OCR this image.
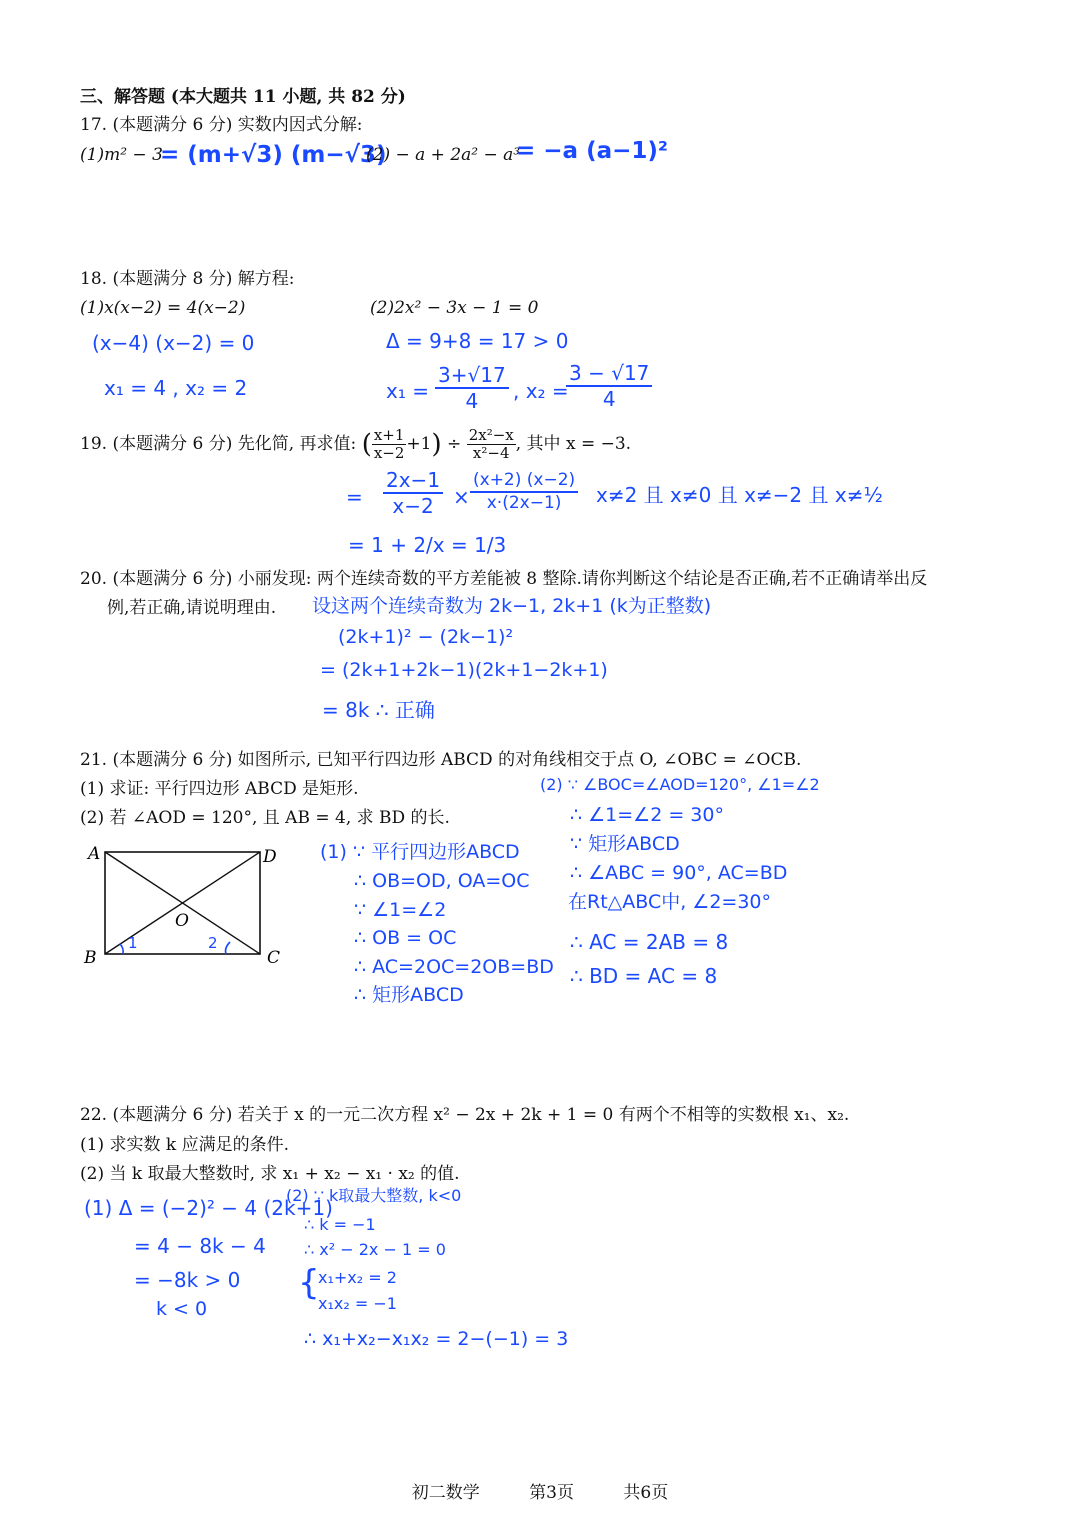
三、解答题 (本大题共 11 小题, 共 82 分)
17. (本题满分 6 分) 实数内因式分解:
(1)m² − 3
= (m+√3) (m−√3)
(2) − a + 2a² − a³
= −a (a−1)²
18. (本题满分 8 分) 解方程:
(1)x(x−2) = 4(x−2)	(2)2x² − 3x − 1 = 0
(x−4) (x−2) = 0
x₁ = 4 , x₂ = 2
Δ = 9+8 = 17 > 0
$x_1 = \frac{3+√17}{4}$ , x₂ =
$\frac{3 - √17}{4}$
19. (本题满分 6 分) 先化简, 再求值: ( $\frac{x+1}{x-2} +1) \div \frac{\text{2x²−x}}{\text{x²−4}}$ , 其中 x = −3.
= $\frac{2x-1}{x-2} \times \frac{(x+2) (x-2)}{x\cdot(2x-1)} x\ne 2$ 且 x≠0 且 x≠−2 且 x≠½
= 1 + 2/x = 1/3
20. (本题满分 6 分) 小丽发现: 两个连续奇数的平方差能被 8 整除.请你判断这个结论是否正确,若不正确请举出反
例,若正确,请说明理由. 设这两个连续奇数为 2k−1, 2k+1 (k为正整数)
(2k+1)² − (2k−1)²
= (2k+1+2k−1)(2k+1−2k+1)
= 8k ∴ 正确
21. (本题满分 6 分) 如图所示, 已知平行四边形 ABCD 的对角线相交于点 O, ∠OBC = ∠OCB.
(1) 求证: 平行四边形 ABCD 是矩形.
(2) 若 ∠AOD = 120°, 且 AB = 4, 求 BD 的长.
A	D
B	C
O
1	2
(1) ∵ 平行四边形ABCD
∴ OB=OD, OA=OC
∵ ∠1=∠2
∴ OB = OC
∴ AC=2OC=2OB=BD
∴ 矩形ABCD
(2) ∵ ∠BOC=∠AOD=120°, ∠1=∠2
∴ ∠1=∠2 = 30°
∵ 矩形ABCD
∴ ∠ABC = 90°, AC=BD
在Rt△ABC中, ∠2=30°
∴ AC = 2AB = 8
∴ BD = AC = 8
22. (本题满分 6 分) 若关于 x 的一元二次方程 x² − 2x + 2k + 1 = 0 有两个不相等的实数根 x₁、x₂.
(1) 求实数 k 应满足的条件.
(2) 当 k 取最大整数时, 求 x₁ + x₂ − x₁ · x₂ 的值.
(1) Δ = (−2)² − 4 (2k+1)
= 4 − 8k − 4
= −8k > 0
k < 0
(2) ∵ k取最大整数, k<0
∴ k = −1
∴ x² − 2x − 1 = 0
{
x₁+x₂ = 2
x₁x₂ = −1
∴ x₁+x₂−x₁x₂ = 2−(−1) = 3
初二数学	第3页	共6页
